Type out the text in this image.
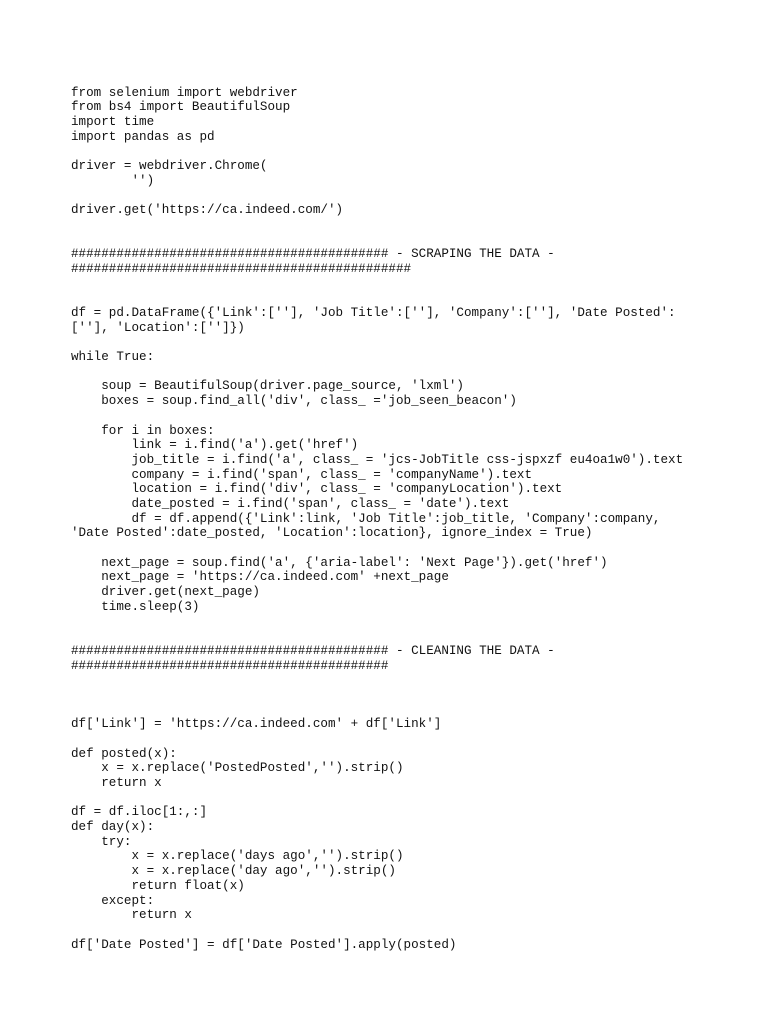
from selenium import webdriver
from bs4 import BeautifulSoup
import time
import pandas as pd
driver = webdriver.Chrome(
'')
driver.get('https://ca.indeed.com/')
########################################## - SCRAPING THE DATA -
#############################################
df = pd.DataFrame({'Link':[''], 'Job Title':[''], 'Company':[''], 'Date Posted':
[''], 'Location':['']})
while True:
soup = BeautifulSoup(driver.page_source, 'lxml')
boxes = soup.find_all('div', class_ ='job_seen_beacon')
for i in boxes:
link = i.find('a').get('href')
job_title = i.find('a', class_ = 'jcs-JobTitle css-jspxzf eu4oa1w0').text
company = i.find('span', class_ = 'companyName').text
location = i.find('div', class_ = 'companyLocation').text
date_posted = i.find('span', class_ = 'date').text
df = df.append({'Link':link, 'Job Title':job_title, 'Company':company,
'Date Posted':date_posted, 'Location':location}, ignore_index = True)
next_page = soup.find('a', {'aria-label': 'Next Page'}).get('href')
next_page = 'https://ca.indeed.com' +next_page
driver.get(next_page)
time.sleep(3)
########################################## - CLEANING THE DATA -
##########################################
df['Link'] = 'https://ca.indeed.com' + df['Link']
def posted(x):
x = x.replace('PostedPosted','').strip()
return x
df = df.iloc[1:,:]
def day(x):
try:
x = x.replace('days ago','').strip()
x = x.replace('day ago','').strip()
return float(x)
except:
return x
df['Date Posted'] = df['Date Posted'].apply(posted)
